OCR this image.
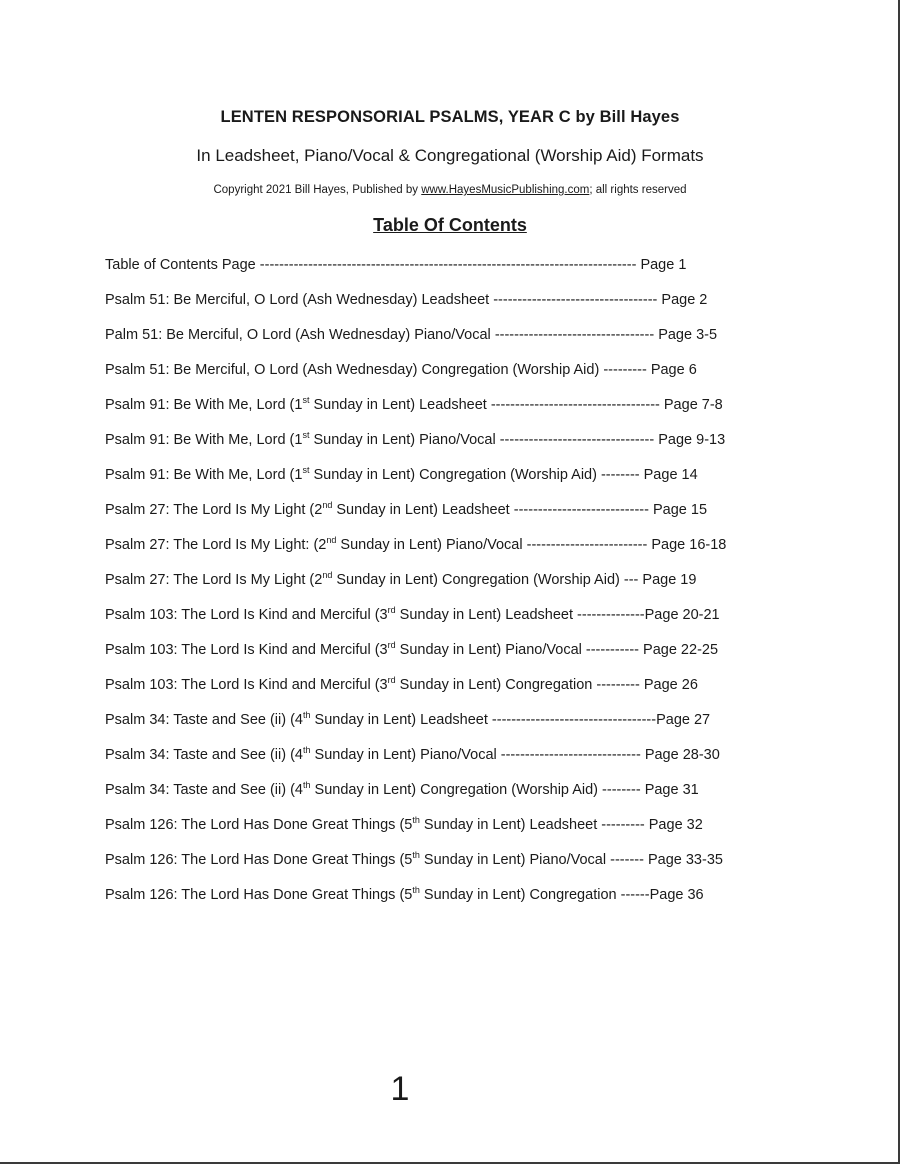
LENTEN RESPONSORIAL PSALMS, YEAR C by Bill Hayes
In Leadsheet, Piano/Vocal & Congregational (Worship Aid) Formats
Copyright 2021 Bill Hayes, Published by www.HayesMusicPublishing.com; all rights reserved
Table Of Contents
Table of Contents Page ------------------------------------------------------------------------------ Page 1
Psalm 51: Be Merciful, O Lord (Ash Wednesday) Leadsheet ---------------------------------- Page 2
Palm 51: Be Merciful, O Lord (Ash Wednesday) Piano/Vocal --------------------------------- Page 3-5
Psalm 51: Be Merciful, O Lord (Ash Wednesday) Congregation (Worship Aid) --------- Page 6
Psalm 91: Be With Me, Lord (1st Sunday in Lent) Leadsheet ----------------------------------- Page 7-8
Psalm 91: Be With Me, Lord (1st Sunday in Lent) Piano/Vocal -------------------------------- Page 9-13
Psalm 91: Be With Me, Lord (1st Sunday in Lent) Congregation (Worship Aid) -------- Page 14
Psalm 27: The Lord Is My Light (2nd Sunday in Lent) Leadsheet ---------------------------- Page 15
Psalm 27: The Lord Is My Light: (2nd Sunday in Lent) Piano/Vocal ------------------------- Page 16-18
Psalm 27: The Lord Is My Light (2nd Sunday in Lent) Congregation (Worship Aid) --- Page 19
Psalm 103: The Lord Is Kind and Merciful (3rd Sunday in Lent) Leadsheet --------------Page 20-21
Psalm 103: The Lord Is Kind and Merciful (3rd Sunday in Lent) Piano/Vocal ----------- Page 22-25
Psalm 103: The Lord Is Kind and Merciful (3rd Sunday in Lent) Congregation --------- Page 26
Psalm 34: Taste and See (ii) (4th Sunday in Lent) Leadsheet ----------------------------------Page 27
Psalm 34: Taste and See (ii) (4th Sunday in Lent) Piano/Vocal ----------------------------- Page 28-30
Psalm 34: Taste and See (ii) (4th Sunday in Lent) Congregation (Worship Aid) -------- Page 31
Psalm 126: The Lord Has Done Great Things (5th Sunday in Lent) Leadsheet --------- Page 32
Psalm 126: The Lord Has Done Great Things (5th Sunday in Lent) Piano/Vocal ------- Page 33-35
Psalm 126: The Lord Has Done Great Things (5th Sunday in Lent) Congregation ------Page 36
1
